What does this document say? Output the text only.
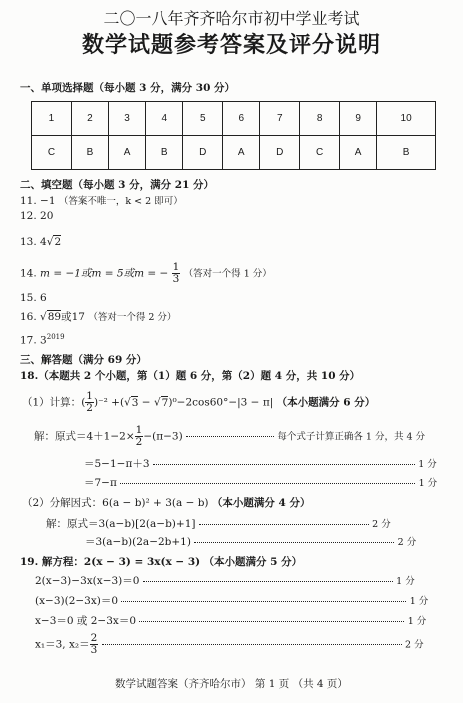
二〇一八年齐齐哈尔市初中学业考试
数学试题参考答案及评分说明
一、单项选择题（每小题 3 分，满分 30 分）
1	2	3	4	5	6	7	8	9	10
C	B	A	B	D	A	D	C	A	B
二、填空题（每小题 3 分，满分 21 分）
11. −1 （答案不唯一，k < 2 即可）
12. 20
13. 4√2
14. m = −1或m = 5或m = − $\frac{1}{3}$ （答对一个得 1 分）
15. 6
16. √89或17 （答对一个得 2 分）
17. $3^{2019}$
三、解答题（满分 69 分）
18.（本题共 2 个小题，第（1）题 6 分，第（2）题 4 分，共 10 分）
（1）计算：( $\frac{1}{2} )^{-2} +(√3 - √7)^0-2\cos 60^\circ-|3 - \pi|$ （本小题满分 6 分）
解：原式$=4+1-2\times \frac{1}{2} -(\pi-3)$	每个式子计算正确各 1 分，共 4 分
＝5−1−π＋3	1 分
＝7−π	1 分
（2）分解因式：6(a − b)² + 3(a − b) （本小题满分 4 分）
解：原式＝3(a−b)[2(a−b)+1]	2 分
＝3(a−b)(2a−2b+1)	2 分
19. 解方程：2(x − 3) = 3x(x − 3) （本小题满分 5 分）
2(x−3)−3x(x−3)＝0	1 分
(x−3)(2−3x)＝0	1 分
x−3＝0 或 2−3x＝0	1 分
x₁＝3, $x_2= \frac{2}{3}$	2 分
数学试题答案（齐齐哈尔市） 第 1 页 （共 4 页）
